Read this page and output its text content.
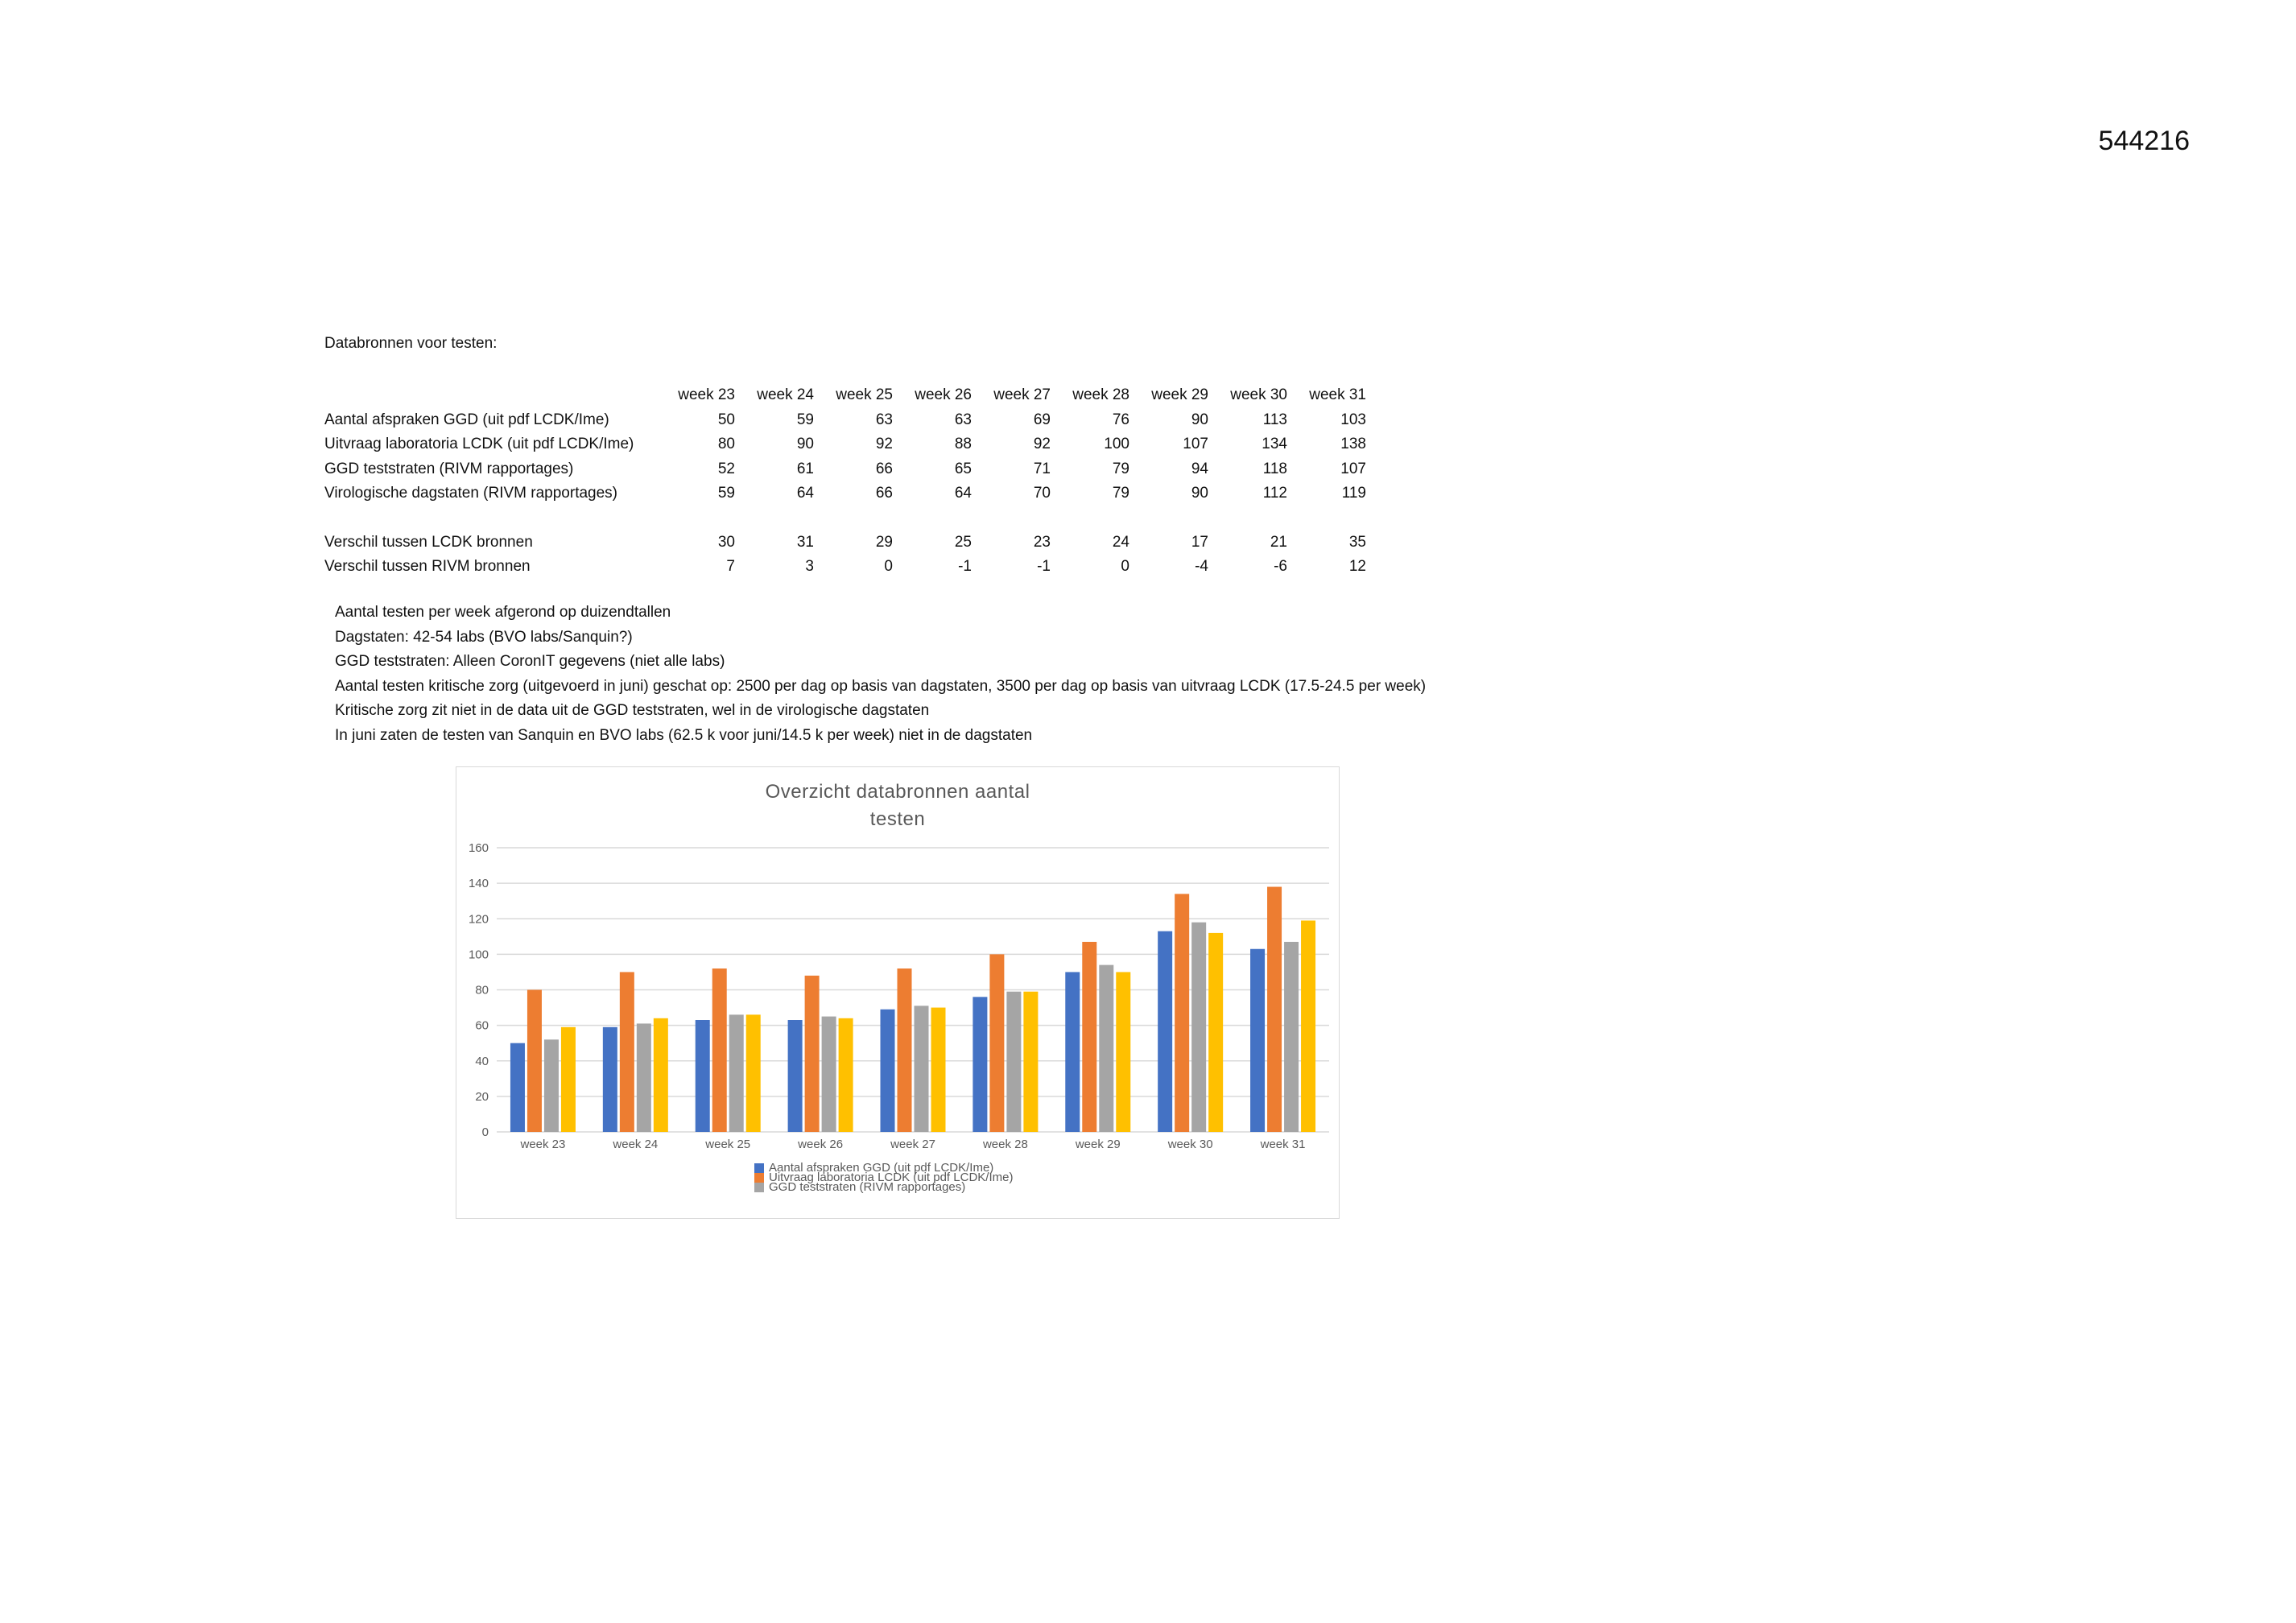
544216
Databronnen voor testen:
	week 23	week 24	week 25	week 26	week 27	week 28	week 29	week 30	week 31
Aantal afspraken GGD (uit pdf LCDK/Ime)	50	59	63	63	69	76	90	113	103
Uitvraag laboratoria LCDK (uit pdf LCDK/Ime)	80	90	92	88	92	100	107	134	138
GGD teststraten (RIVM rapportages)	52	61	66	65	71	79	94	118	107
Virologische dagstaten (RIVM rapportages)	59	64	66	64	70	79	90	112	119

Verschil tussen LCDK bronnen	30	31	29	25	23	24	17	21	35
Verschil tussen RIVM bronnen	7	3	0	-1	-1	0	-4	-6	12
Aantal testen per week afgerond op duizendtallen
Dagstaten: 42-54 labs (BVO labs/Sanquin?)
GGD teststraten: Alleen CoronIT gegevens (niet alle labs)
Aantal testen kritische zorg (uitgevoerd in juni) geschat op: 2500 per dag op basis van dagstaten, 3500 per dag op basis van uitvraag LCDK (17.5-24.5 per week)
Kritische zorg zit niet in de data uit de GGD teststraten, wel in de virologische dagstaten
In juni zaten de testen van Sanquin en BVO labs (62.5 k voor juni/14.5 k per week) niet in de dagstaten
Overzicht databronnen aantal
testen
0
20
40
60
80
100
120
140
160
week 23	week 24	week 25	week 26	week 27	week 28	week 29	week 30	week 31
Aantal afspraken GGD (uit pdf LCDK/Ime)
Uitvraag laboratoria LCDK (uit pdf LCDK/Ime)
GGD teststraten (RIVM rapportages)
